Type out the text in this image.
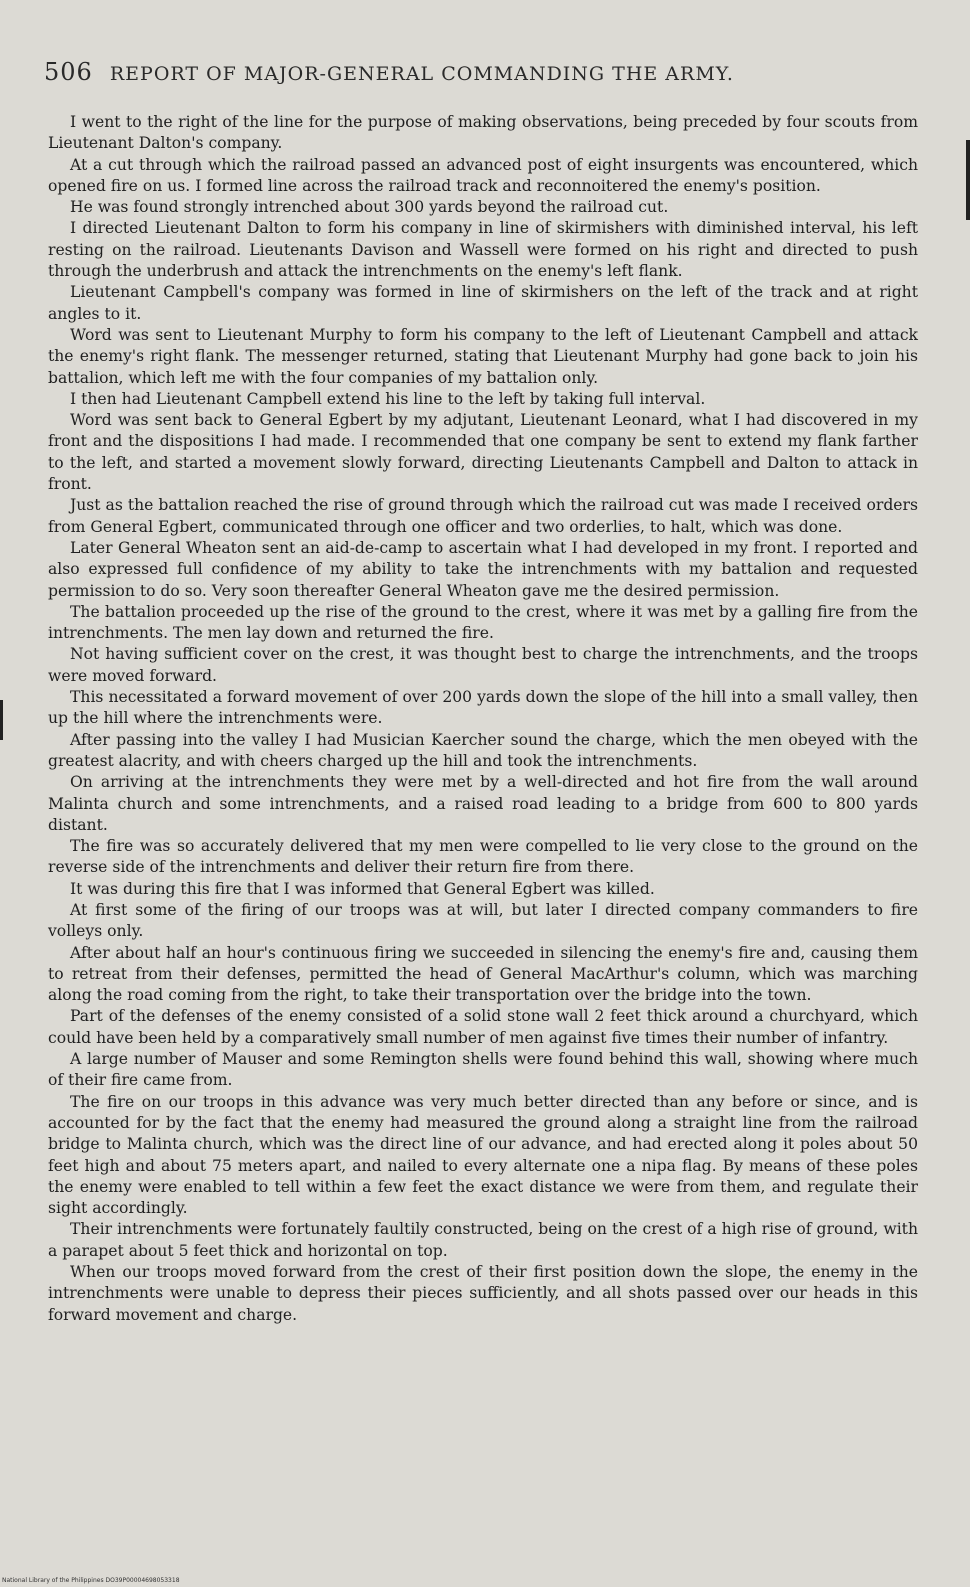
506 REPORT OF MAJOR-GENERAL COMMANDING THE ARMY.

I went to the right of the line for the purpose of making observations, being preceded by four scouts from Lieutenant Dalton's company.

At a cut through which the railroad passed an advanced post of eight insurgents was encountered, which opened fire on us. I formed line across the railroad track and reconnoitered the enemy's position.

He was found strongly intrenched about 300 yards beyond the railroad cut.

I directed Lieutenant Dalton to form his company in line of skirmishers with diminished interval, his left resting on the railroad. Lieutenants Davison and Wassell were formed on his right and directed to push through the underbrush and attack the intrenchments on the enemy's left flank.

Lieutenant Campbell's company was formed in line of skirmishers on the left of the track and at right angles to it.

Word was sent to Lieutenant Murphy to form his company to the left of Lieutenant Campbell and attack the enemy's right flank. The messenger returned, stating that Lieutenant Murphy had gone back to join his battalion, which left me with the four companies of my battalion only.

I then had Lieutenant Campbell extend his line to the left by taking full interval.

Word was sent back to General Egbert by my adjutant, Lieutenant Leonard, what I had discovered in my front and the dispositions I had made. I recommended that one company be sent to extend my flank farther to the left, and started a movement slowly forward, directing Lieutenants Campbell and Dalton to attack in front.

Just as the battalion reached the rise of ground through which the railroad cut was made I received orders from General Egbert, communicated through one officer and two orderlies, to halt, which was done.

Later General Wheaton sent an aid-de-camp to ascertain what I had developed in my front. I reported and also expressed full confidence of my ability to take the intrenchments with my battalion and requested permission to do so. Very soon thereafter General Wheaton gave me the desired permission.

The battalion proceeded up the rise of the ground to the crest, where it was met by a galling fire from the intrenchments. The men lay down and returned the fire.

Not having sufficient cover on the crest, it was thought best to charge the intrenchments, and the troops were moved forward.

This necessitated a forward movement of over 200 yards down the slope of the hill into a small valley, then up the hill where the intrenchments were.

After passing into the valley I had Musician Kaercher sound the charge, which the men obeyed with the greatest alacrity, and with cheers charged up the hill and took the intrenchments.

On arriving at the intrenchments they were met by a well-directed and hot fire from the wall around Malinta church and some intrenchments, and a raised road leading to a bridge from 600 to 800 yards distant.

The fire was so accurately delivered that my men were compelled to lie very close to the ground on the reverse side of the intrenchments and deliver their return fire from there.

It was during this fire that I was informed that General Egbert was killed.

At first some of the firing of our troops was at will, but later I directed company commanders to fire volleys only.

After about half an hour's continuous firing we succeeded in silencing the enemy's fire and, causing them to retreat from their defenses, permitted the head of General MacArthur's column, which was marching along the road coming from the right, to take their transportation over the bridge into the town.

Part of the defenses of the enemy consisted of a solid stone wall 2 feet thick around a churchyard, which could have been held by a comparatively small number of men against five times their number of infantry.

A large number of Mauser and some Remington shells were found behind this wall, showing where much of their fire came from.

The fire on our troops in this advance was very much better directed than any before or since, and is accounted for by the fact that the enemy had measured the ground along a straight line from the railroad bridge to Malinta church, which was the direct line of our advance, and had erected along it poles about 50 feet high and about 75 meters apart, and nailed to every alternate one a nipa flag. By means of these poles the enemy were enabled to tell within a few feet the exact distance we were from them, and regulate their sight accordingly.

Their intrenchments were fortunately faultily constructed, being on the crest of a high rise of ground, with a parapet about 5 feet thick and horizontal on top.

When our troops moved forward from the crest of their first position down the slope, the enemy in the intrenchments were unable to depress their pieces sufficiently, and all shots passed over our heads in this forward movement and charge.

National Library of the Philippines DO39P00004698053318
